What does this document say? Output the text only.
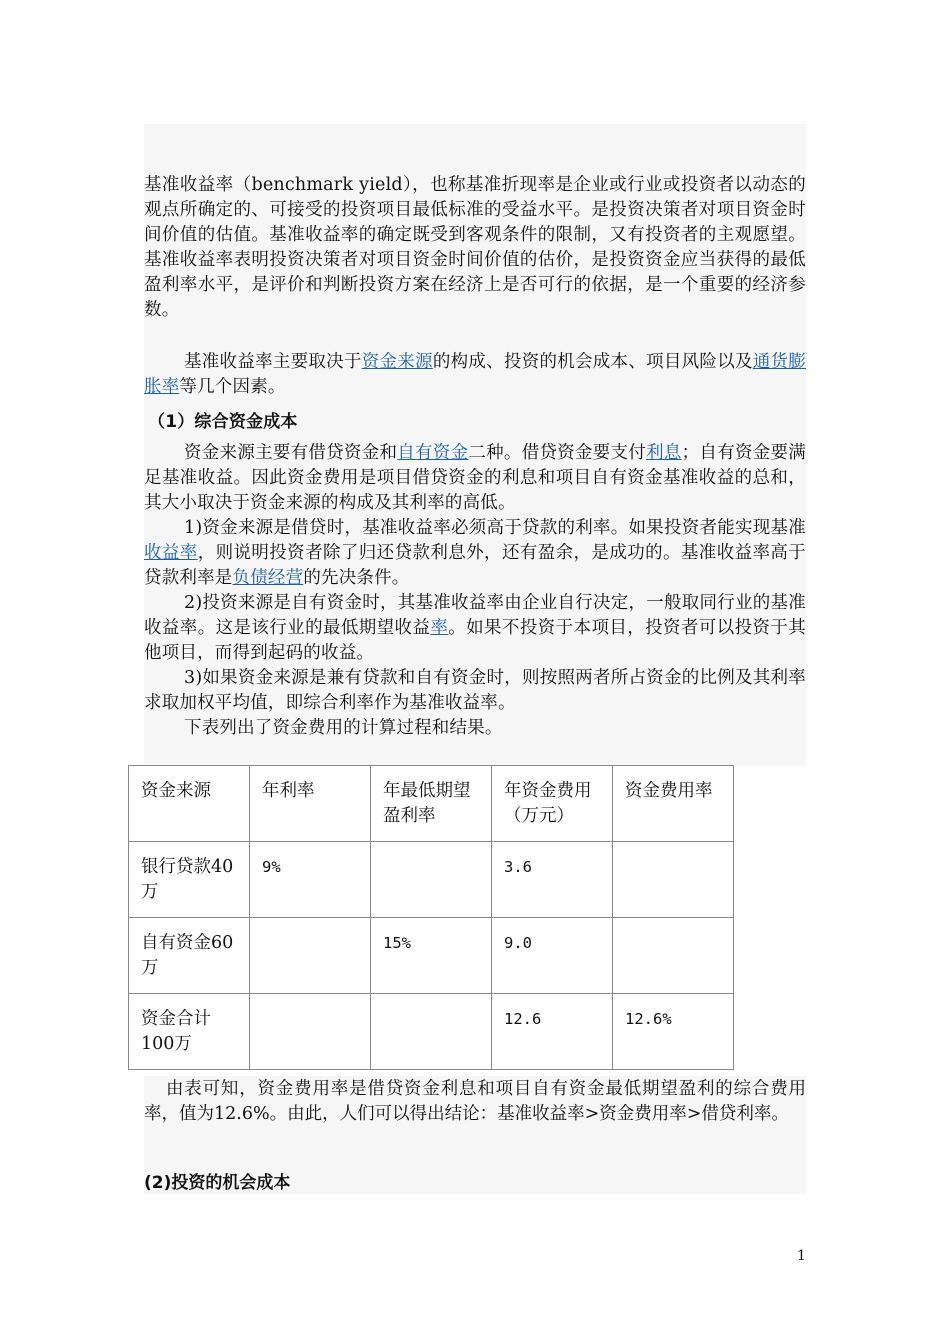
基准收益率（benchmark yield），也称基准折现率是企业或行业或投资者以动态的观点所确定的、可接受的投资项目最低标准的受益水平。是投资决策者对项目资金时间价值的估值。基准收益率的确定既受到客观条件的限制，又有投资者的主观愿望。基准收益率表明投资决策者对项目资金时间价值的估价，是投资资金应当获得的最低盈利率水平，是评价和判断投资方案在经济上是否可行的依据，是一个重要的经济参数。

基准收益率主要取决于资金来源的构成、投资的机会成本、项目风险以及通货膨胀率等几个因素。

（1）综合资金成本

资金来源主要有借贷资金和自有资金二种。借贷资金要支付利息；自有资金要满足基准收益。因此资金费用是项目借贷资金的利息和项目自有资金基准收益的总和，其大小取决于资金来源的构成及其利率的高低。

1)资金来源是借贷时，基准收益率必须高于贷款的利率。如果投资者能实现基准收益率，则说明投资者除了归还贷款利息外，还有盈余，是成功的。基准收益率高于贷款利率是负债经营的先决条件。

2)投资来源是自有资金时，其基准收益率由企业自行决定，一般取同行业的基准收益率。这是该行业的最低期望收益率。如果不投资于本项目，投资者可以投资于其他项目，而得到起码的收益。

3)如果资金来源是兼有贷款和自有资金时，则按照两者所占资金的比例及其利率求取加权平均值，即综合利率作为基准收益率。

下表列出了资金费用的计算过程和结果。

资金来源	年利率	年最低期望盈利率	年资金费用（万元）	资金费用率
银行贷款40万	9%		3.6	
自有资金60万		15%	9.0	
资金合计100万			12.6	12.6%

由表可知，资金费用率是借贷资金利息和项目自有资金最低期望盈利的综合费用率，值为12.6%。由此，人们可以得出结论：基准收益率>资金费用率>借贷利率。

(2)投资的机会成本
1
